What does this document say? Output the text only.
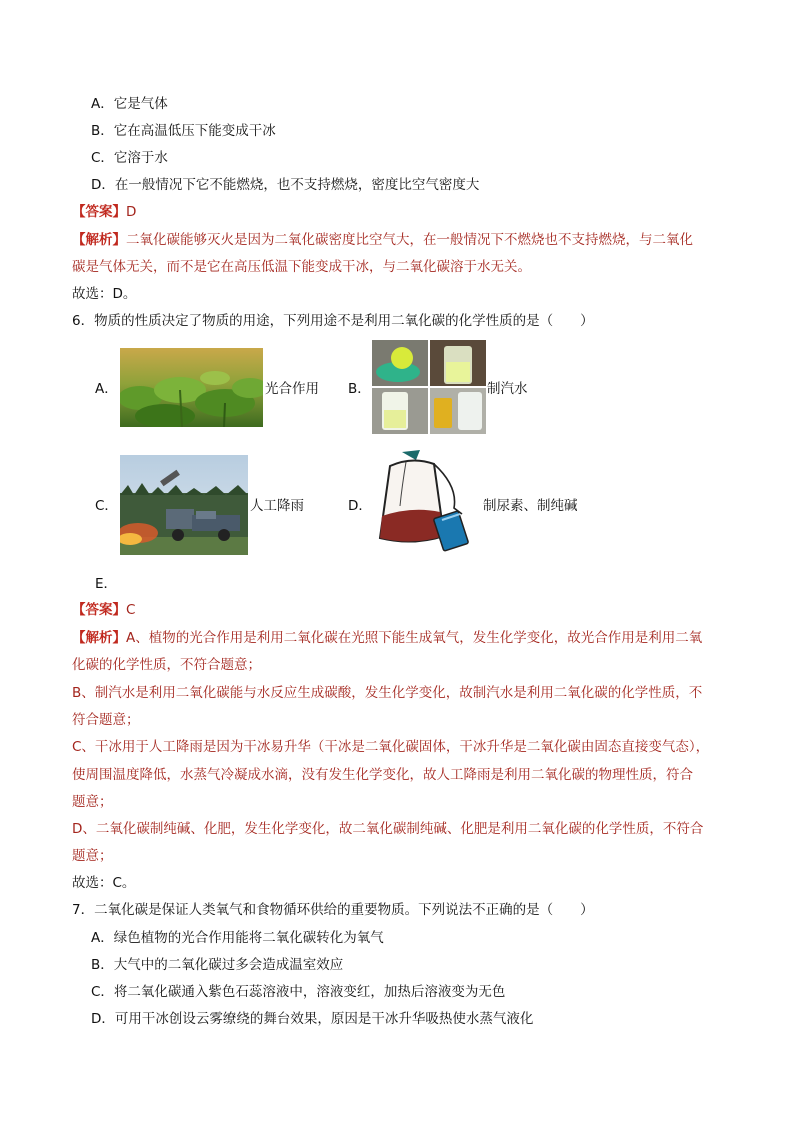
A．它是气体
B．它在高温低压下能变成干冰
C．它溶于水
D．在一般情况下它不能燃烧，也不支持燃烧，密度比空气密度大
【答案】D
【解析】二氧化碳能够灭火是因为二氧化碳密度比空气大，在一般情况下不燃烧也不支持燃烧，与二氧化
碳是气体无关，而不是它在高压低温下能变成干冰，与二氧化碳溶于水无关。
故选：D。
6．物质的性质决定了物质的用途，下列用途不是利用二氧化碳的化学性质的是（　　）
A．	光合作用 B．	制汽水
C．	人工降雨	D．	制尿素、制纯碱
E．
【答案】C
【解析】A、植物的光合作用是利用二氧化碳在光照下能生成氧气，发生化学变化，故光合作用是利用二氧
化碳的化学性质，不符合题意；
B、制汽水是利用二氧化碳能与水反应生成碳酸，发生化学变化，故制汽水是利用二氧化碳的化学性质，不
符合题意；
C、干冰用于人工降雨是因为干冰易升华（干冰是二氧化碳固体，干冰升华是二氧化碳由固态直接变气态），
使周围温度降低，水蒸气冷凝成水滴，没有发生化学变化，故人工降雨是利用二氧化碳的物理性质，符合
题意；
D、二氧化碳制纯碱、化肥，发生化学变化，故二氧化碳制纯碱、化肥是利用二氧化碳的化学性质，不符合
题意；
故选：C。
7．二氧化碳是保证人类氧气和食物循环供给的重要物质。下列说法不正确的是（　　）
A．绿色植物的光合作用能将二氧化碳转化为氧气
B．大气中的二氧化碳过多会造成温室效应
C．将二氧化碳通入紫色石蕊溶液中，溶液变红，加热后溶液变为无色
D．可用干冰创设云雾缭绕的舞台效果，原因是干冰升华吸热使水蒸气液化
